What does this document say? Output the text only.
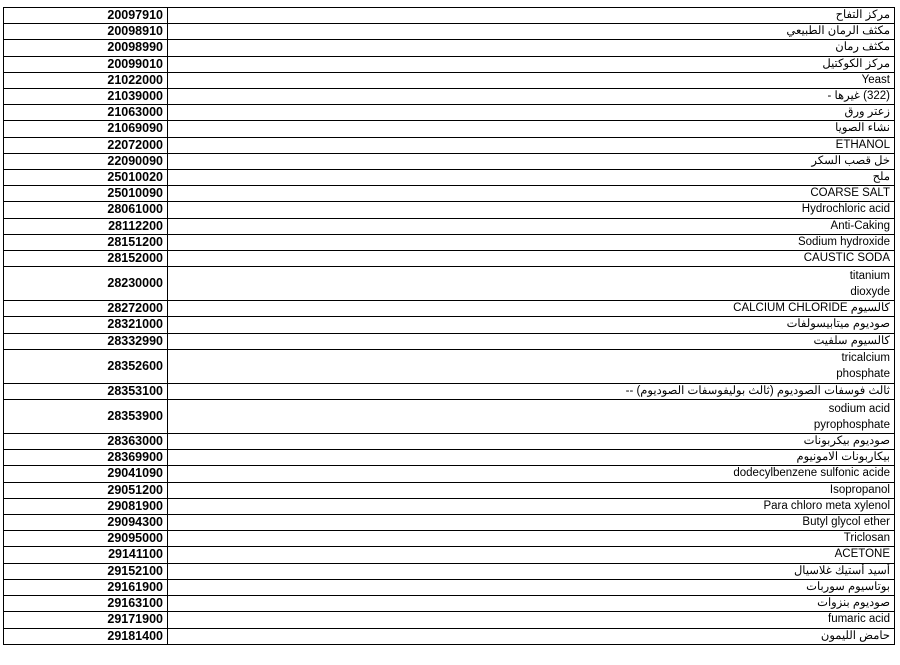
20097910	مركز التفاح
20098910	مكثف الرمان الطبيعي
20098990	مكثف رمان
20099010	مركز الكوكتيل
21022000	Yeast
21039000	(322) غيرها -
21063000	زعتر ورق
21069090	نشاء الصويا
22072000	ETHANOL
22090090	خل قصب السكر
25010020	ملح
25010090	COARSE SALT
28061000	Hydrochloric acid
28112200	Anti-Caking
28151200	Sodium hydroxide
28152000	CAUSTIC SODA
28230000	titanium
dioxyde

28272000	كالسيوم CALCIUM CHLORIDE
28321000	صوديوم ميتابيسولفات
28332990	كالسيوم سلفيت
28352600	tricalcium
phosphate

28353100	ثالث فوسفات الصوديوم (ثالث بوليفوسفات الصوديوم) --
28353900	sodium acid
pyrophosphate

28363000	صوديوم بيكربونات
28369900	بيكاربونات الامونيوم
29041090	dodecylbenzene sulfonic acide
29051200	Isopropanol
29081900	Para chloro meta xylenol
29094300	Butyl glycol ether
29095000	Triclosan
29141100	ACETONE
29152100	أسيد أستيك غلاسيال
29161900	بوتاسيوم سوربات
29163100	صوديوم بنزوات
29171900	fumaric acid
29181400	حامض الليمون
